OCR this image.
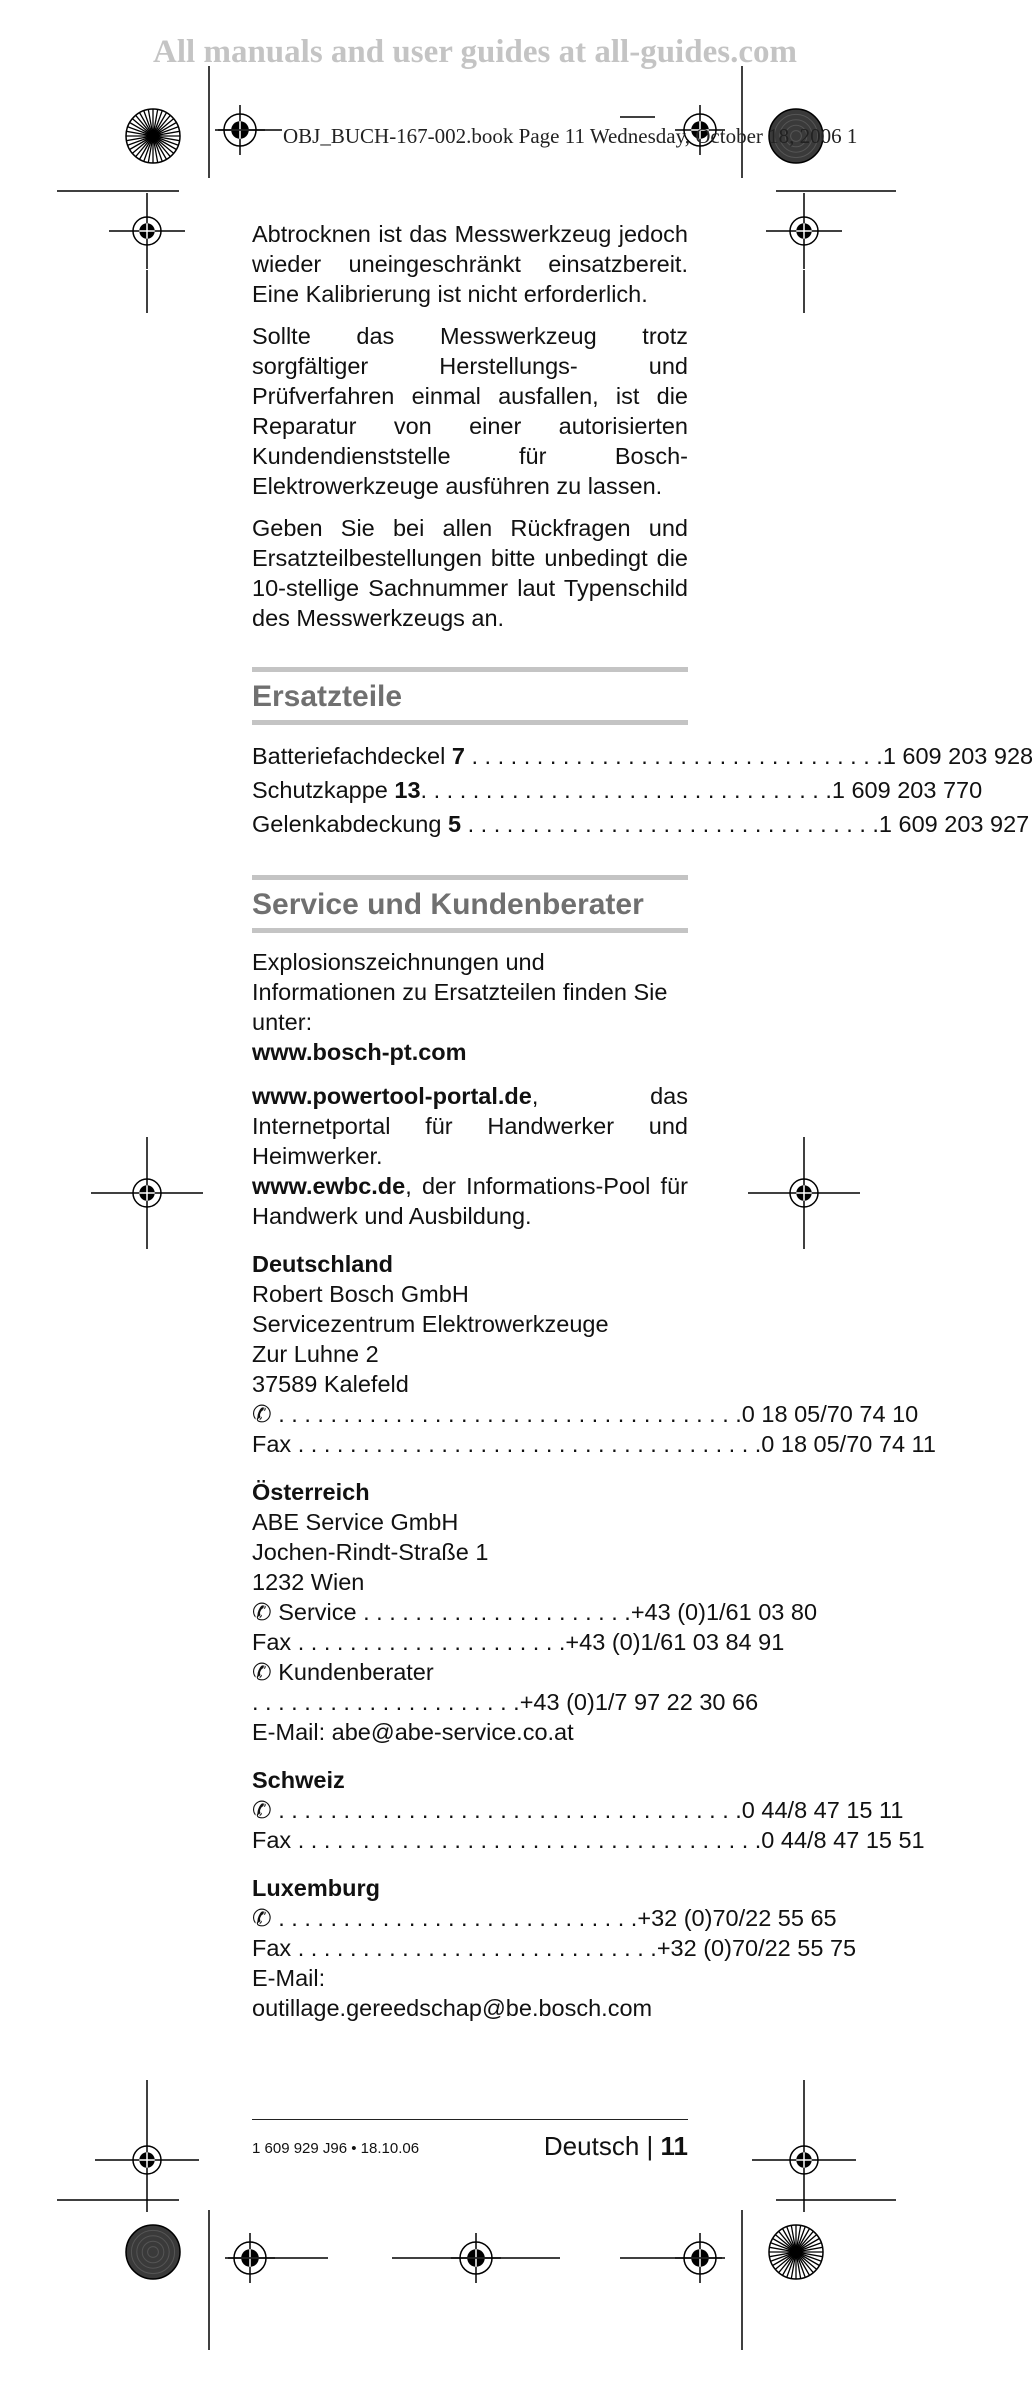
All manuals and user guides at all-guides.com
OBJ_BUCH-167-002.book Page 11 Wednesday, October 18, 2006 1

Abtrocknen ist das Messwerkzeug jedoch wieder uneingeschränkt einsatzbereit. Eine Kalibrierung ist nicht erforderlich.

Sollte das Messwerkzeug trotz sorgfältiger Herstellungs- und Prüfverfahren einmal ausfallen, ist die Reparatur von einer autorisierten Kundendienststelle für Bosch-Elektrowerkzeuge ausführen zu lassen.

Geben Sie bei allen Rückfragen und Ersatzteilbestellungen bitte unbedingt die 10-stellige Sachnummer laut Typenschild des Messwerkzeugs an.

Ersatzteile
Batteriefachdeckel
7 . . . . . . . . . . . . . . . . . . . . . . . . . . . . . . . . 1 609 203 928
Schutzkappe
13 . . . . . . . . . . . . . . . . . . . . . . . . . . . . . . . . 1 609 203 770
Gelenkabdeckung
5 . . . . . . . . . . . . . . . . . . . . . . . . . . . . . . . . 1 609 203 927
Service und Kundenberater

Explosionszeichnungen und Informationen zu Ersatzteilen finden Sie unter:
www.bosch-pt.com

www.powertool-portal.de, das Internetportal für Handwerker und Heimwerker.
www.ewbc.de, der Informations-Pool für Handwerk und Ausbildung.

Deutschland
Robert Bosch GmbH
Servicezentrum Elektrowerkzeuge
Zur Luhne 2
37589 Kalefeld
✆ . . . . . . . . . . . . . . . . . . . . . . . . . . . . . . . . . . . . 0 18 05/70 74 10
Fax . . . . . . . . . . . . . . . . . . . . . . . . . . . . . . . . . . . . 0 18 05/70 74 11
Österreich
ABE Service GmbH
Jochen-Rindt-Straße 1
1232 Wien
✆ Service . . . . . . . . . . . . . . . . . . . . . +43 (0)1/61 03 80
Fax . . . . . . . . . . . . . . . . . . . . . +43 (0)1/61 03 84 91
✆ Kundenberater
. . . . . . . . . . . . . . . . . . . . . +43 (0)1/7 97 22 30 66
E-Mail: abe@abe-service.co.at
Schweiz
✆ . . . . . . . . . . . . . . . . . . . . . . . . . . . . . . . . . . . . 0 44/8 47 15 11
Fax . . . . . . . . . . . . . . . . . . . . . . . . . . . . . . . . . . . . 0 44/8 47 15 51
Luxemburg
✆ . . . . . . . . . . . . . . . . . . . . . . . . . . . . +32 (0)70/22 55 65
Fax . . . . . . . . . . . . . . . . . . . . . . . . . . . . +32 (0)70/22 55 75
E-Mail:
outillage.gereedschap@be.bosch.com
1 609 929 J96 • 18.10.06	Deutsch | 11
